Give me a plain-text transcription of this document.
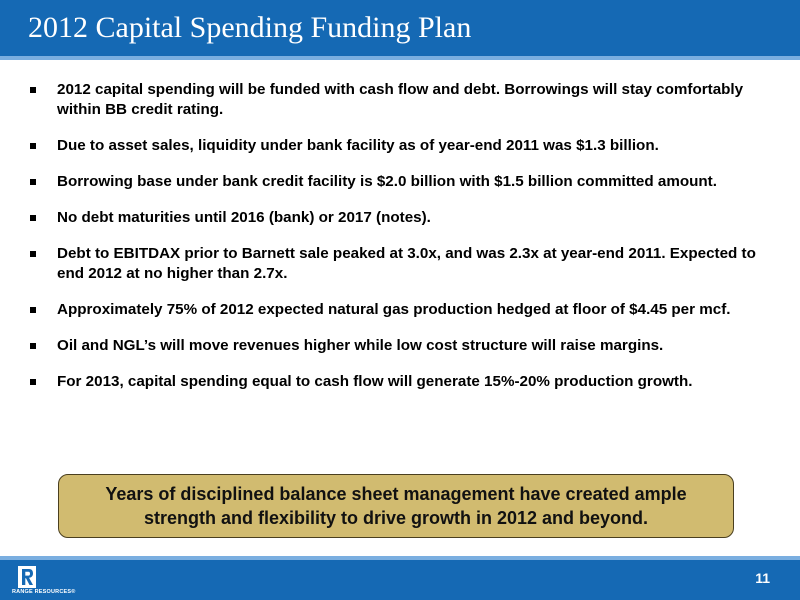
2012 Capital Spending Funding Plan
2012 capital spending will be funded with cash flow and debt. Borrowings will stay comfortably within BB credit rating.
Due to asset sales, liquidity under bank facility as of year-end 2011 was $1.3 billion.
Borrowing base under bank credit facility is $2.0 billion with $1.5 billion committed amount.
No debt maturities until 2016 (bank) or 2017 (notes).
Debt to EBITDAX prior to Barnett sale peaked at 3.0x, and was 2.3x at year-end 2011. Expected to end 2012 at no higher than 2.7x.
Approximately 75% of 2012 expected natural gas production hedged at floor of $4.45 per mcf.
Oil and NGL’s will move revenues higher while low cost structure will raise margins.
For 2013, capital spending equal to cash flow will generate 15%-20% production growth.
Years of disciplined balance sheet management have created ample strength and flexibility to drive growth in 2012 and beyond.
RANGE RESOURCES®
11
